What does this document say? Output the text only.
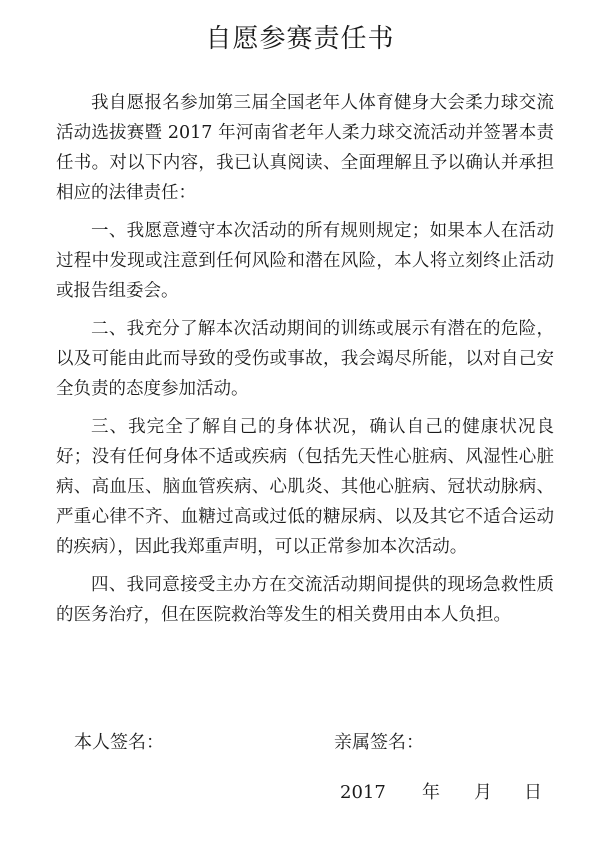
自愿参赛责任书

我自愿报名参加第三届全国老年人体育健身大会柔力球交流活动选拔赛暨 2017 年河南省老年人柔力球交流活动并签署本责任书。对以下内容，我已认真阅读、全面理解且予以确认并承担相应的法律责任：

一、我愿意遵守本次活动的所有规则规定；如果本人在活动过程中发现或注意到任何风险和潜在风险，本人将立刻终止活动或报告组委会。

二、我充分了解本次活动期间的训练或展示有潜在的危险，以及可能由此而导致的受伤或事故，我会竭尽所能，以对自己安全负责的态度参加活动。

三、我完全了解自己的身体状况，确认自己的健康状况良好；没有任何身体不适或疾病（包括先天性心脏病、风湿性心脏病、高血压、脑血管疾病、心肌炎、其他心脏病、冠状动脉病、严重心律不齐、血糖过高或过低的糖尿病、以及其它不适合运动的疾病），因此我郑重声明，可以正常参加本次活动。

四、我同意接受主办方在交流活动期间提供的现场急救性质的医务治疗，但在医院救治等发生的相关费用由本人负担。

本人签名：	亲属签名：
2017 年 月 日
